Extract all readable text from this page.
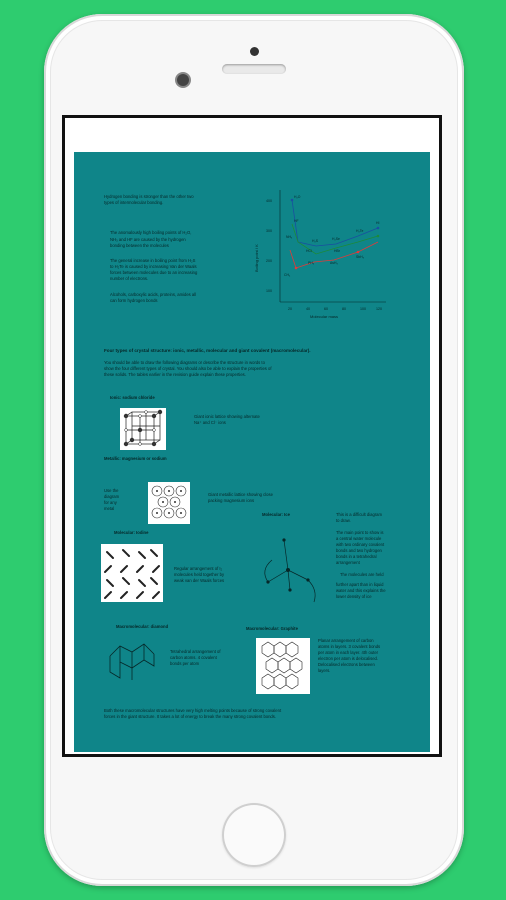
Hydrogen bonding is stronger than the other two
types of intermolecular bonding.
The anomalously high boiling points of H₂O,
NH₃ and HF are caused by the hydrogen
bonding between the molecules
The general increase in boiling point from H₂S
to H₂Te is caused by increasing Van der Waals
forces between molecules due to an increasing
number of electrons.
Alcohols, carboxylic acids, proteins, amides all
can form hydrogen bonds
Boiling point / K
400
300
200
100
20	40	60	80	100	120
Molecular mass
H₂O
HF
NH₃
H₂S
HCl
PH₃
CH₄
H₂Se
HBr
AsH₃
H₂Te
SbH₃
HI
Four types of crystal structure: ionic, metallic, molecular and giant covalent (macromolecular).
You should be able to draw the following diagrams or describe the structure in words to
show the four different types of crystal. You should also be able to explain the properties of
these solids. The tables earlier in the revision guide explain these properties.
Ionic: sodium chloride
Giant ionic lattice showing alternate
Na⁺ and Cl⁻ ions
Metallic: magnesium or sodium
Use the
diagram
for any
metal
Giant metallic lattice showing close
packing magnesium ions
Molecular: Ice	This is a difficult diagram
to draw.
The main point to show is
a central water molecule
with two ordinary covalent
bonds and two hydrogen
bonds in a tetrahedral
arrangement
The molecules are held
further apart than in liquid
water and this explains the
lower density of ice
Molecular: Iodine
Regular arrangement of I₂
molecules held together by
weak van der Waals forces
Macromolecular: diamond
Tetrahedral arrangement of
carbon atoms. 4 covalent
bonds per atom
Macromolecular: Graphite
Planar arrangement of carbon
atoms in layers. 3 covalent bonds
per atom in each layer. 4th outer
electron per atom is delocalised.
Delocalised electrons between
layers.
Both these macromolecular structures have very high melting points because of strong covalent
forces in the giant structure. It takes a lot of energy to break the many strong covalent bonds.
